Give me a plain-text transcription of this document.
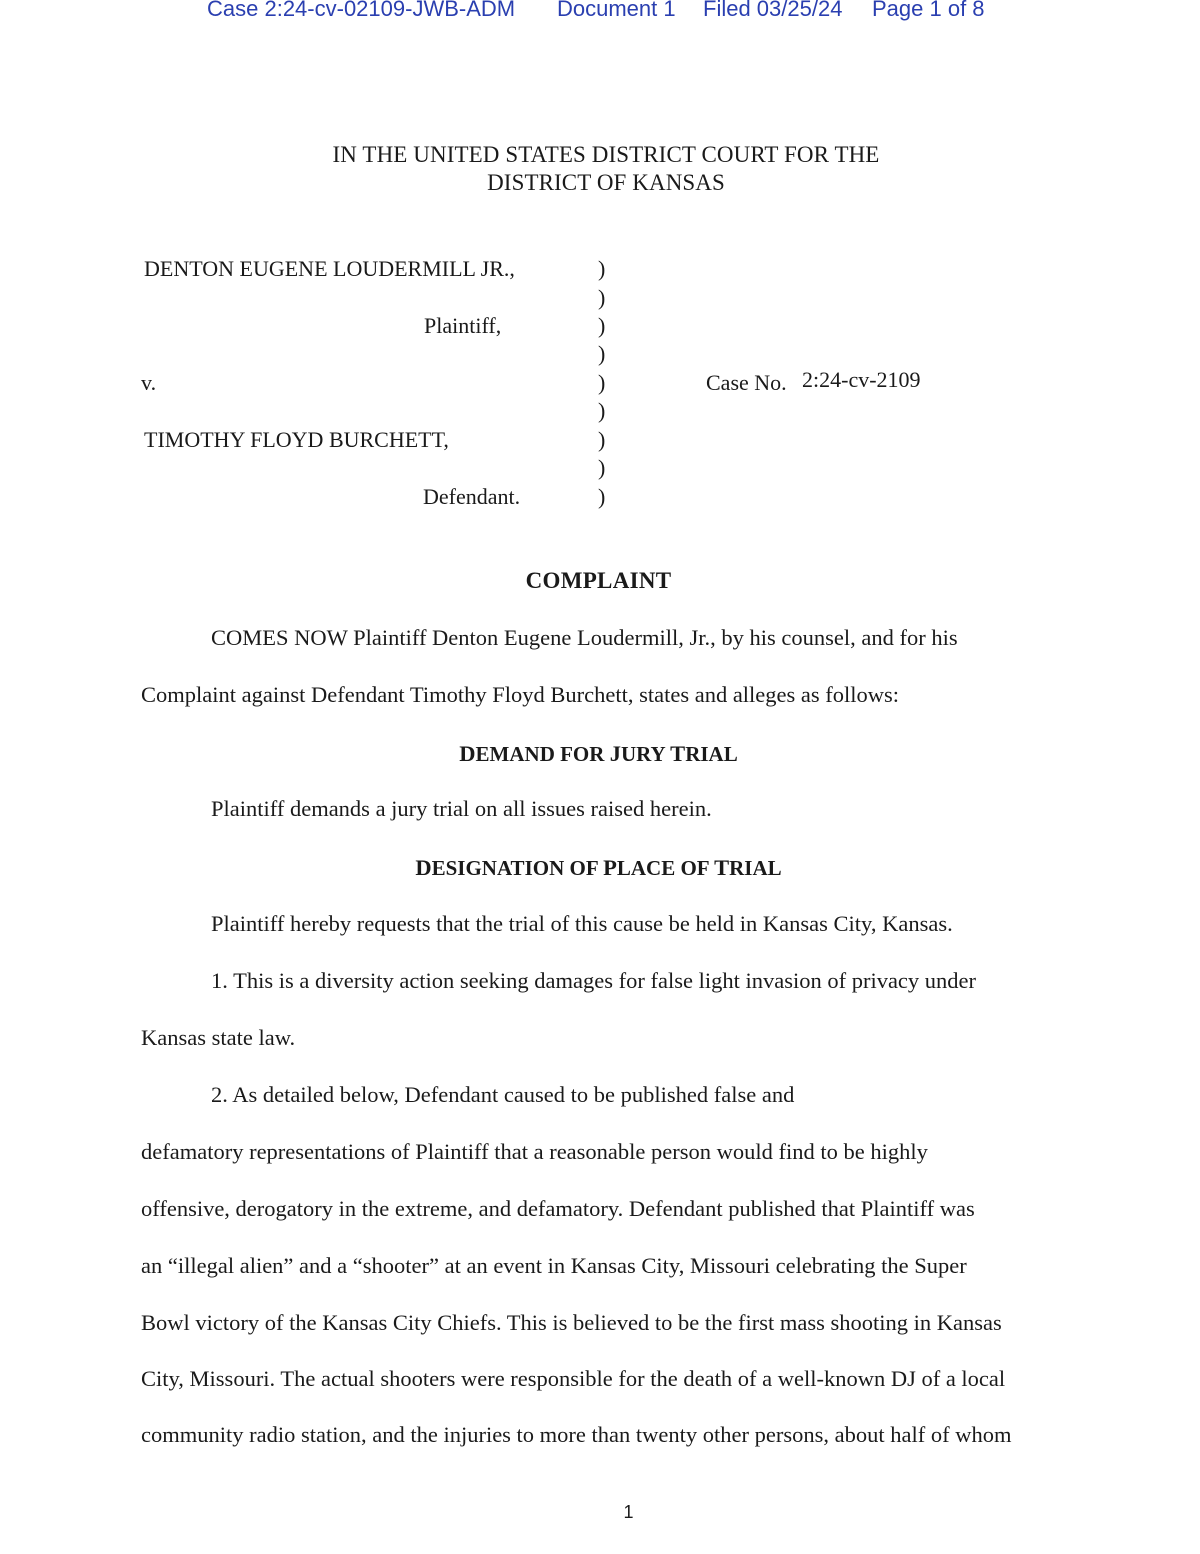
Case 2:24-cv-02109-JWB-ADM Document 1 Filed 03/25/24 Page 1 of 8
IN THE UNITED STATES DISTRICT COURT FOR THE
DISTRICT OF KANSAS
DENTON EUGENE LOUDERMILL JR.,
Plaintiff,
v.
TIMOTHY FLOYD BURCHETT,
Defendant.
)
)
)
)
)
)
)
)
)
Case No. 2:24-cv-2109
COMPLAINT
COMES NOW Plaintiff Denton Eugene Loudermill, Jr., by his counsel, and for his
Complaint against Defendant Timothy Floyd Burchett, states and alleges as follows:
DEMAND FOR JURY TRIAL
Plaintiff demands a jury trial on all issues raised herein.
DESIGNATION OF PLACE OF TRIAL
Plaintiff hereby requests that the trial of this cause be held in Kansas City, Kansas.
1. This is a diversity action seeking damages for false light invasion of privacy under
Kansas state law.
2. As detailed below, Defendant caused to be published false and
defamatory representations of Plaintiff that a reasonable person would find to be highly
offensive, derogatory in the extreme, and defamatory. Defendant published that Plaintiff was
an “illegal alien” and a “shooter” at an event in Kansas City, Missouri celebrating the Super
Bowl victory of the Kansas City Chiefs. This is believed to be the first mass shooting in Kansas
City, Missouri. The actual shooters were responsible for the death of a well-known DJ of a local
community radio station, and the injuries to more than twenty other persons, about half of whom
1
